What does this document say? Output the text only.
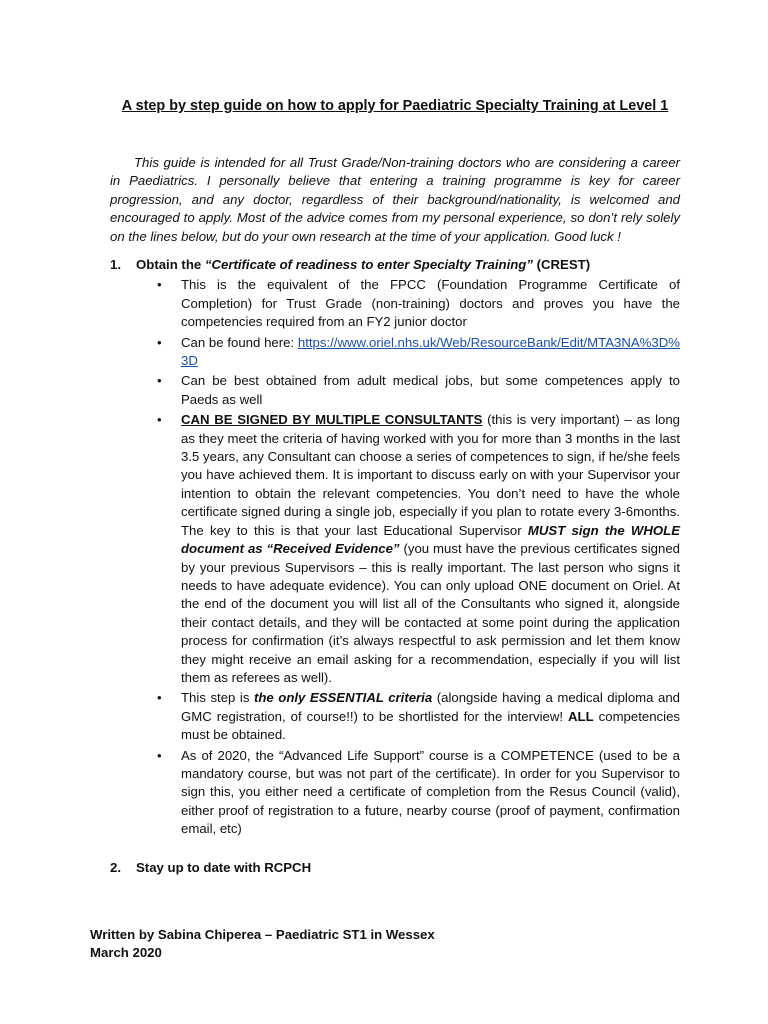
A step by step guide on how to apply for Paediatric Specialty Training at Level 1

This guide is intended for all Trust Grade/Non-training doctors who are considering a career in Paediatrics. I personally believe that entering a training programme is key for career progression, and any doctor, regardless of their background/nationality, is welcomed and encouraged to apply. Most of the advice comes from my personal experience, so don’t rely solely on the lines below, but do your own research at the time of your application. Good luck !

1. Obtain the “Certificate of readiness to enter Specialty Training” (CREST)
• This is the equivalent of the FPCC (Foundation Programme Certificate of Completion) for Trust Grade (non-training) doctors and proves you have the competencies required from an FY2 junior doctor
• Can be found here: https://www.oriel.nhs.uk/Web/ResourceBank/Edit/MTA3NA%3D%3D
• Can be best obtained from adult medical jobs, but some competences apply to Paeds as well
• CAN BE SIGNED BY MULTIPLE CONSULTANTS (this is very important) – as long as they meet the criteria of having worked with you for more than 3 months in the last 3.5 years, any Consultant can choose a series of competences to sign, if he/she feels you have achieved them. It is important to discuss early on with your Supervisor your intention to obtain the relevant competencies. You don’t need to have the whole certificate signed during a single job, especially if you plan to rotate every 3-6months. The key to this is that your last Educational Supervisor MUST sign the WHOLE document as “Received Evidence” (you must have the previous certificates signed by your previous Supervisors – this is really important. The last person who signs it needs to have adequate evidence). You can only upload ONE document on Oriel. At the end of the document you will list all of the Consultants who signed it, alongside their contact details, and they will be contacted at some point during the application process for confirmation (it’s always respectful to ask permission and let them know they might receive an email asking for a recommendation, especially if you will list them as referees as well).
• This step is the only ESSENTIAL criteria (alongside having a medical diploma and GMC registration, of course!!) to be shortlisted for the interview! ALL competencies must be obtained.
• As of 2020, the “Advanced Life Support” course is a COMPETENCE (used to be a mandatory course, but was not part of the certificate). In order for you Supervisor to sign this, you either need a certificate of completion from the Resus Council (valid), either proof of registration to a future, nearby course (proof of payment, confirmation email, etc)
2. Stay up to date with RCPCH
Written by Sabina Chiperea – Paediatric ST1 in Wessex
March 2020
